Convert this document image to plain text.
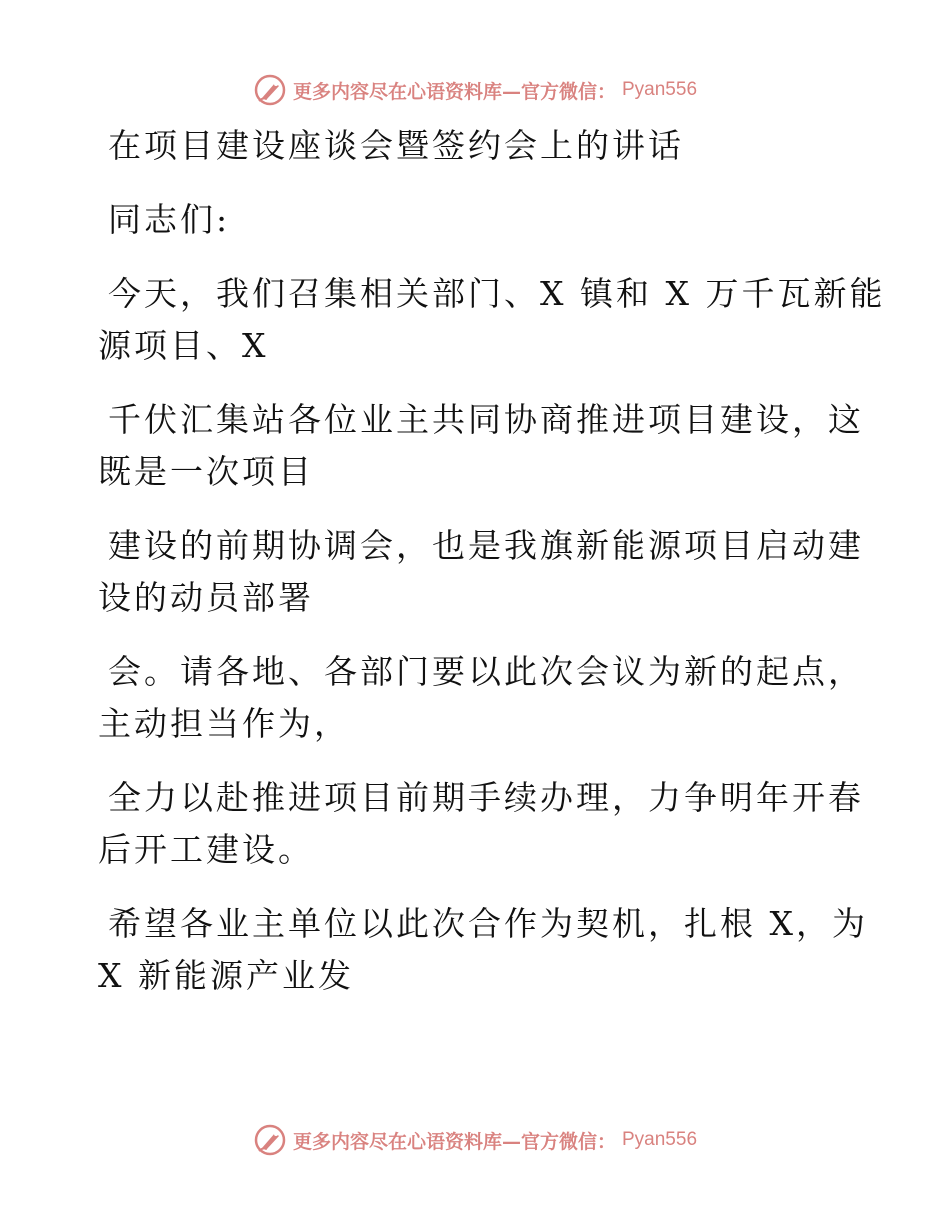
更多内容尽在心语资料库—官方微信： Pyan556
在项目建设座谈会暨签约会上的讲话
同志们:
今天，我们召集相关部门、X 镇和 X 万千瓦新能
源项目、X
千伏汇集站各位业主共同协商推进项目建设，这
既是一次项目
建设的前期协调会，也是我旗新能源项目启动建
设的动员部署
会。请各地、各部门要以此次会议为新的起点，
主动担当作为，
全力以赴推进项目前期手续办理，力争明年开春
后开工建设。
希望各业主单位以此次合作为契机，扎根 X，为
X 新能源产业发
更多内容尽在心语资料库—官方微信： Pyan556
